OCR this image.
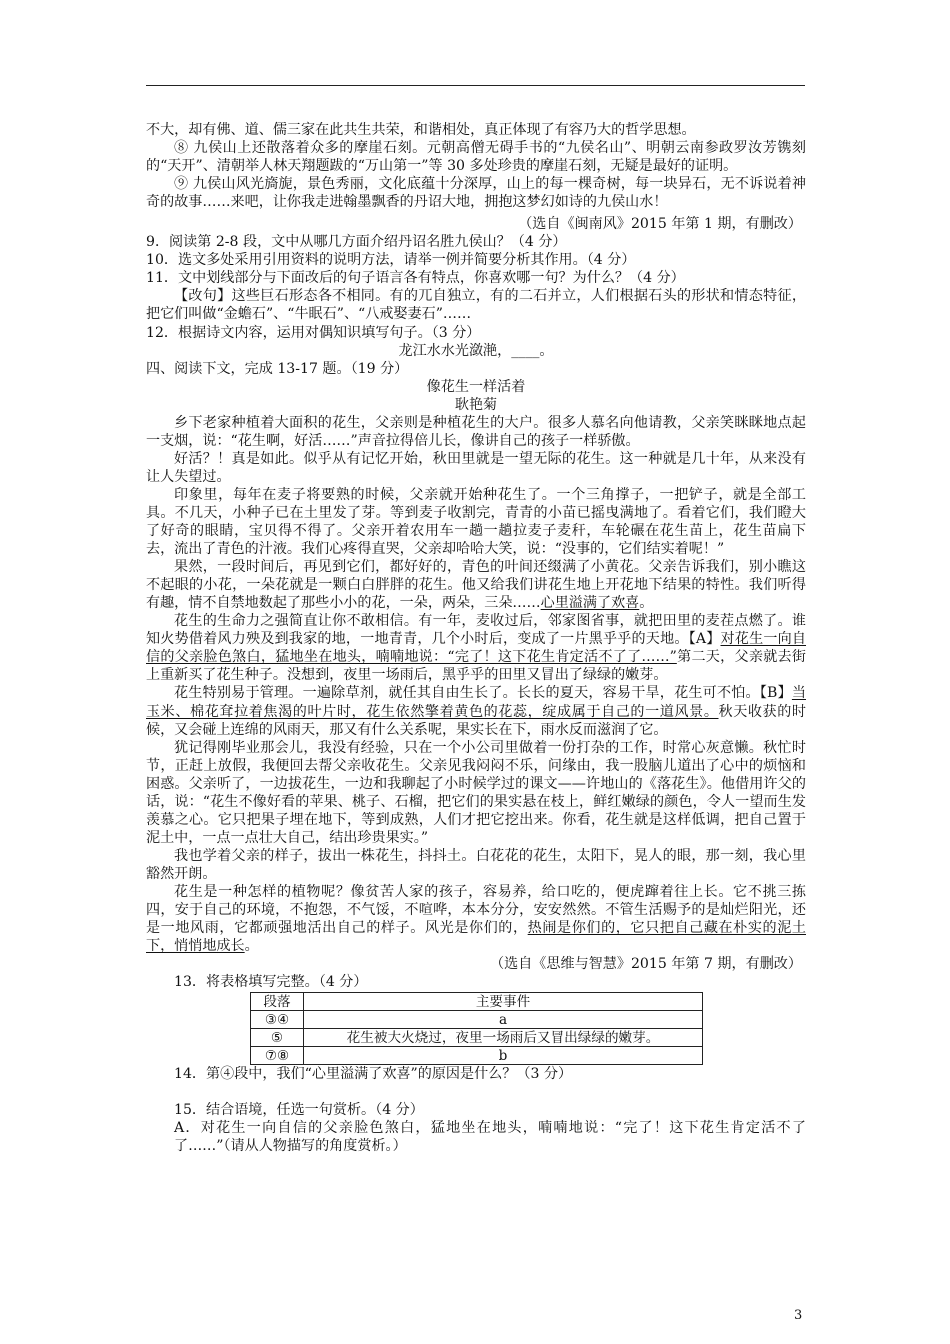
不大，却有佛、道、儒三家在此共生共荣，和谐相处，真正体现了有容乃大的哲学思想。

⑧ 九侯山上还散落着众多的摩崖石刻。元朝高僧无碍手书的“九侯名山”、明朝云南参政罗汝芳镌刻的“天开”、清朝举人林天翔题跋的“万山第一”等 30 多处珍贵的摩崖石刻，无疑是最好的证明。

⑨ 九侯山风光旖旎，景色秀丽，文化底蕴十分深厚，山上的每一棵奇树，每一块异石，无不诉说着神奇的故事……来吧，让你我走进翰墨飘香的丹诏大地，拥抱这梦幻如诗的九侯山水！

（选自《闽南风》2015 年第 1 期，有删改）

9．阅读第 2-8 段，文中从哪几方面介绍丹诏名胜九侯山？（4 分）

10．选文多处采用引用资料的说明方法，请举一例并简要分析其作用。（4 分）

11．文中划线部分与下面改后的句子语言各有特点，你喜欢哪一句？为什么？（4 分）

【改句】这些巨石形态各不相同。有的兀自独立，有的二石并立，人们根据石头的形状和情态特征，把它们叫做“金蟾石”、“牛眠石”、“八戒娶妻石”……

12．根据诗文内容，运用对偶知识填写句子。（3 分）

龙江水水光潋滟，____。

四、阅读下文，完成 13-17 题。（19 分）

像花生一样活着

耿艳菊

乡下老家种植着大面积的花生，父亲则是种植花生的大户。很多人慕名向他请教，父亲笑眯眯地点起一支烟，说：“花生啊，好活……”声音拉得倍儿长，像讲自己的孩子一样骄傲。

好活？！真是如此。似乎从有记忆开始，秋田里就是一望无际的花生。这一种就是几十年，从来没有让人失望过。

印象里，每年在麦子将要熟的时候，父亲就开始种花生了。一个三角撑子，一把铲子，就是全部工具。不几天，小种子已在土里发了芽。等到麦子收割完，青青的小苗已摇曳满地了。看着它们，我们瞪大了好奇的眼睛，宝贝得不得了。父亲开着农用车一趟一趟拉麦子麦秆，车轮碾在花生苗上，花生苗扁下去，流出了青色的汁液。我们心疼得直哭，父亲却哈哈大笑，说：“没事的，它们结实着呢！”

果然，一段时间后，再见到它们，都好好的，青色的叶间还缀满了小黄花。父亲告诉我们，别小瞧这不起眼的小花，一朵花就是一颗白白胖胖的花生。他又给我们讲花生地上开花地下结果的特性。我们听得有趣，情不自禁地数起了那些小小的花，一朵，两朵，三朵……心里溢满了欢喜。

花生的生命力之强简直让你不敢相信。有一年，麦收过后，邻家图省事，就把田里的麦茬点燃了。谁知火势借着风力殃及到我家的地，一地青青，几个小时后，变成了一片黑乎乎的天地。【A】对花生一向自信的父亲脸色煞白，猛地坐在地头，喃喃地说：“完了！这下花生肯定活不了了……”第二天，父亲就去街上重新买了花生种子。没想到，夜里一场雨后，黑乎乎的田里又冒出了绿绿的嫩芽。

花生特别易于管理。一遍除草剂，就任其自由生长了。长长的夏天，容易干旱，花生可不怕。【B】当玉米、棉花耷拉着焦渴的叶片时，花生依然擎着黄色的花蕊，绽成属于自己的一道风景。秋天收获的时候，又会碰上连绵的风雨天，那又有什么关系呢，果实长在下，雨水反而滋润了它。

犹记得刚毕业那会儿，我没有经验，只在一个小公司里做着一份打杂的工作，时常心灰意懒。秋忙时节，正赶上放假，我便回去帮父亲收花生。父亲见我闷闷不乐，问缘由，我一股脑儿道出了心中的烦恼和困惑。父亲听了，一边拔花生，一边和我聊起了小时候学过的课文——许地山的《落花生》。他借用许父的话，说：“花生不像好看的苹果、桃子、石榴，把它们的果实悬在枝上，鲜红嫩绿的颜色，令人一望而生发羡慕之心。它只把果子埋在地下，等到成熟，人们才把它挖出来。你看，花生就是这样低调，把自己置于泥土中，一点一点壮大自己，结出珍贵果实。”

我也学着父亲的样子，拔出一株花生，抖抖土。白花花的花生，太阳下，晃人的眼，那一刻，我心里豁然开朗。

花生是一种怎样的植物呢？像贫苦人家的孩子，容易养，给口吃的，便虎蹿着往上长。它不挑三拣四，安于自己的环境，不抱怨，不气馁，不喧哗，本本分分，安安然然。不管生活赐予的是灿烂阳光，还是一地风雨，它都顽强地活出自己的样子。风光是你们的，热闹是你们的，它只把自己藏在朴实的泥土下，悄悄地成长。

（选自《思维与智慧》2015 年第 7 期，有删改）

13．将表格填写完整。（4 分）

段落	主要事件
③④	a
⑤	花生被大火烧过，夜里一场雨后又冒出绿绿的嫩芽。
⑦⑧	b

14．第④段中，我们“心里溢满了欢喜”的原因是什么？（3 分）

15．结合语境，任选一句赏析。（4 分）

A．对花生一向自信的父亲脸色煞白，猛地坐在地头，喃喃地说：“完了！这下花生肯定活不了了……”（请从人物描写的角度赏析。）

3
